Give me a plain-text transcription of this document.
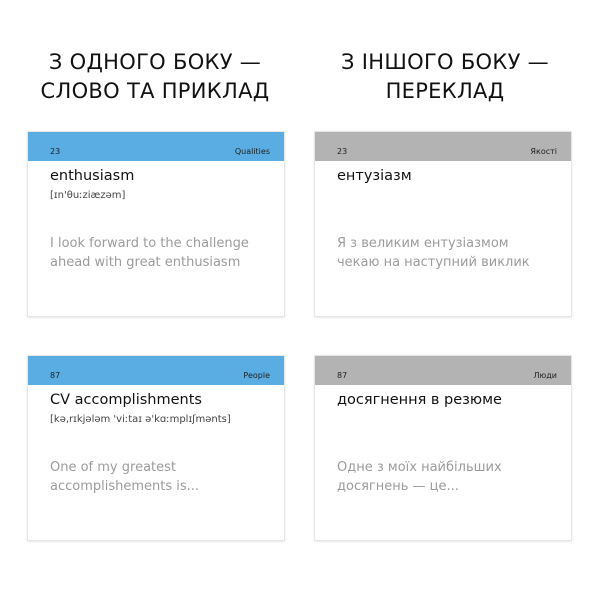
З ОДНОГО БОКУ —
СЛОВО ТА ПРИКЛАД
З ІНШОГО БОКУ —
ПЕРЕКЛАД
23	Qualities
enthusiasm
[ɪn'θuːziæzəm]
I look forward to the challenge
ahead with great enthusiasm
23	Якості
ентузіазм
Я з великим ентузіазмом
чекаю на наступний виклик
87	People
CV accomplishments
[kə,rɪkjələm 'viːtaɪ ə'kɑːmplɪʃmənts]
One of my greatest
accomplishements is...
87	Люди
досягнення в резюме
Одне з моїх найбільших
досягнень — це...
